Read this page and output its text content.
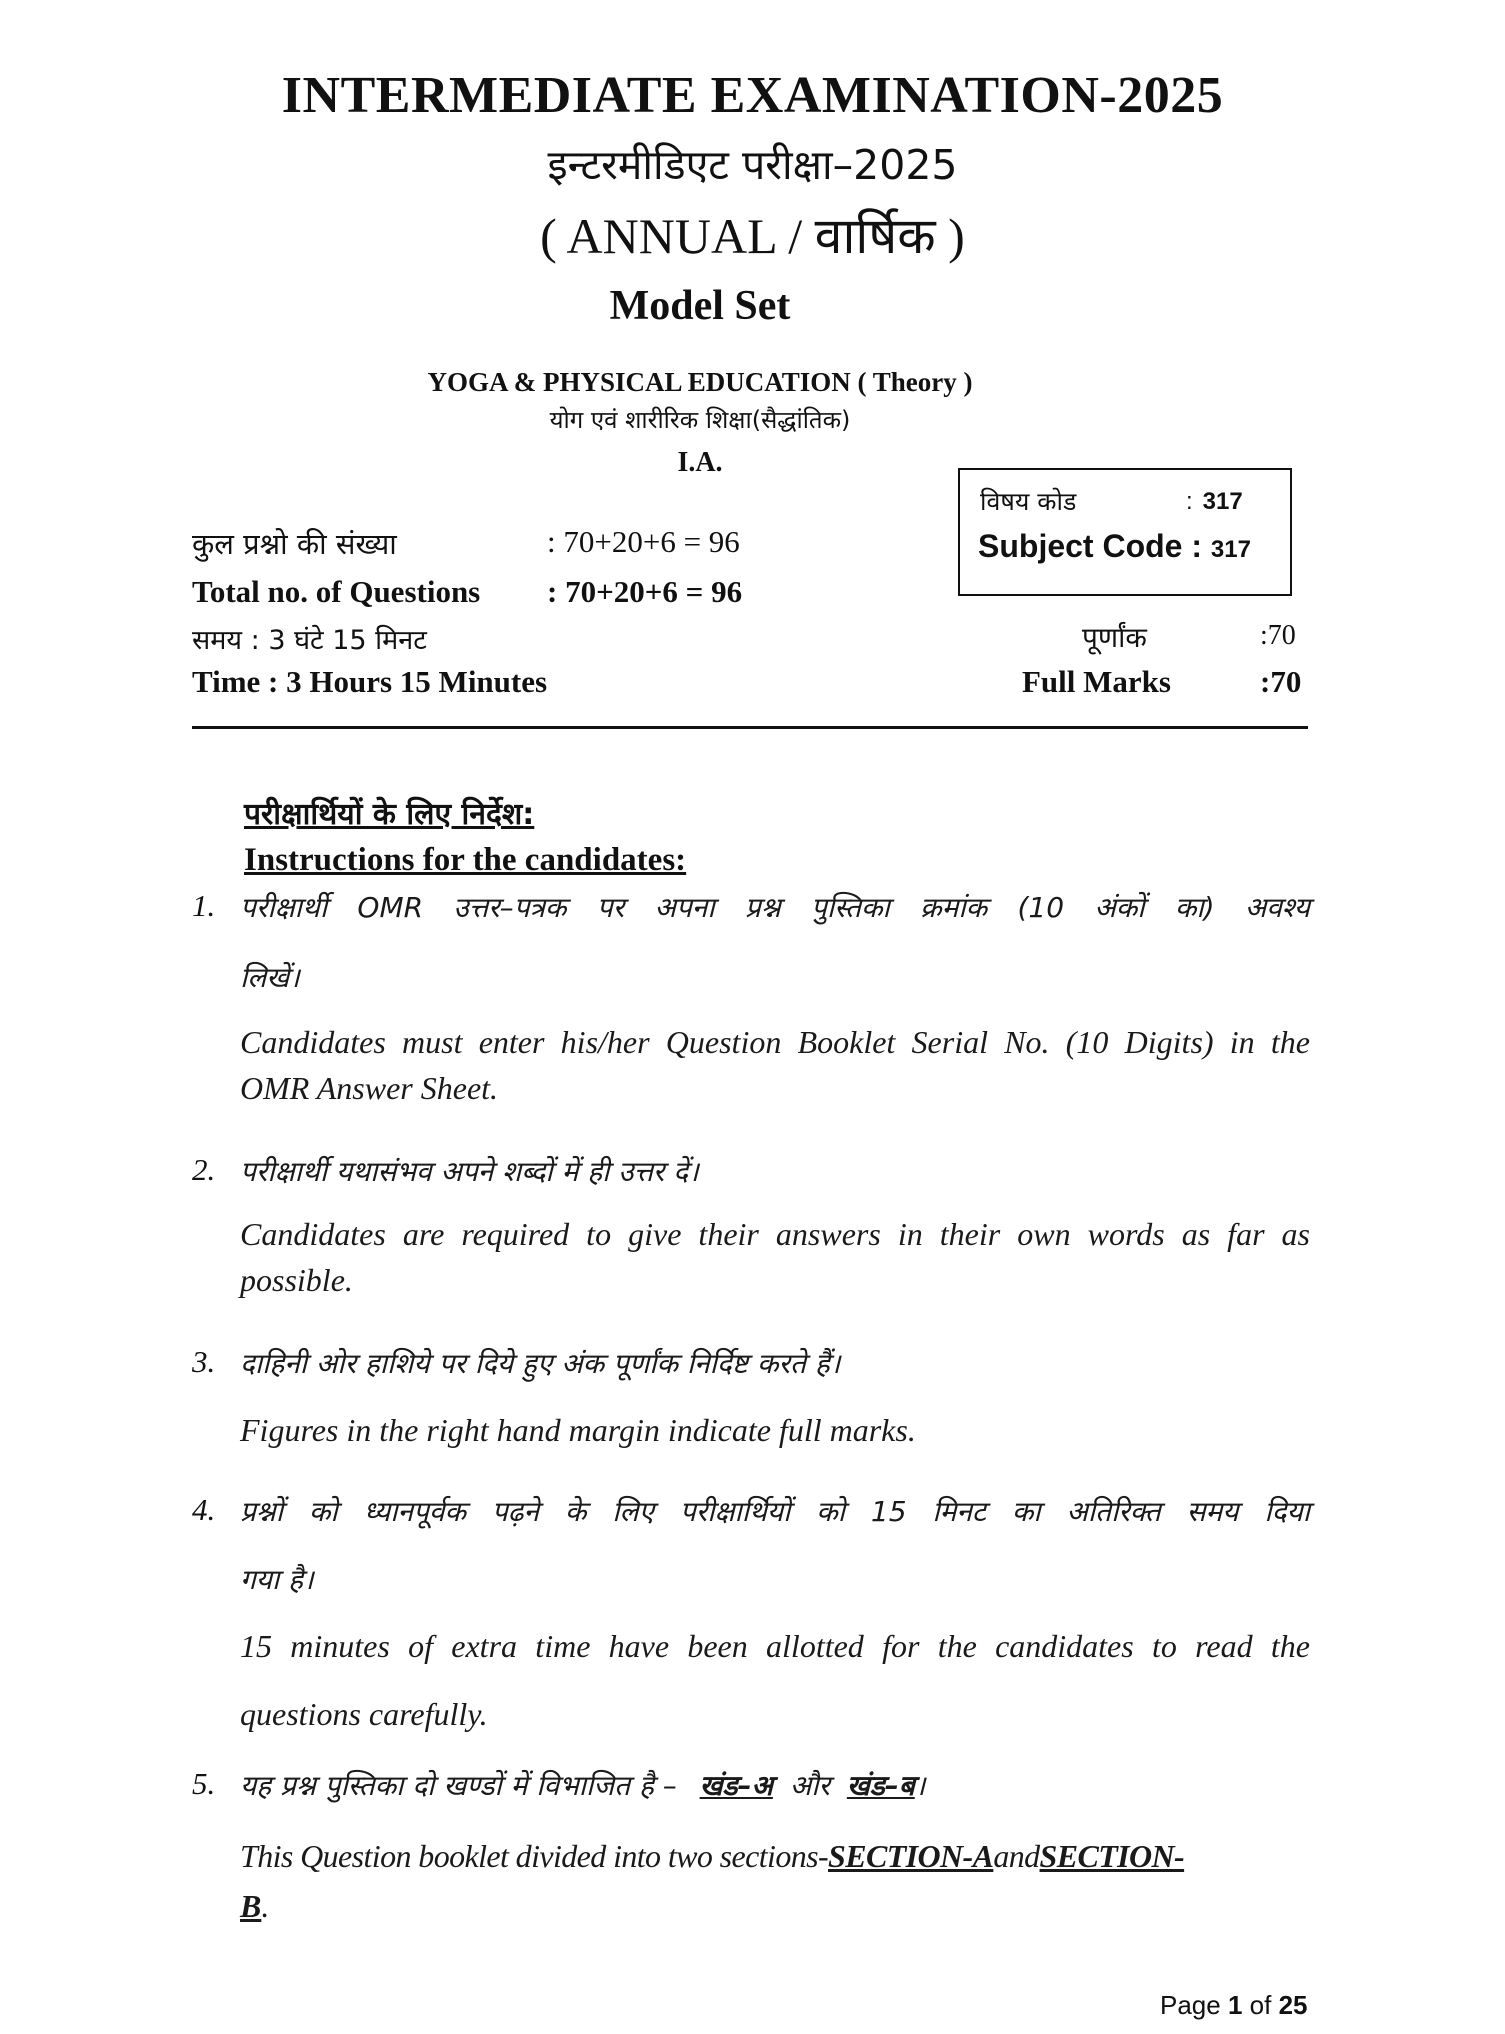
INTERMEDIATE EXAMINATION-2025
इन्टरमीडिएट परीक्षा–2025
( ANNUAL / वार्षिक )
Model Set
YOGA & PHYSICAL EDUCATION ( Theory )
योग एवं शारीरिक शिक्षा(सैद्धांतिक)
I.A.
विषय कोड	: 317
Subject Code : 317
कुल प्रश्नो की संख्या	: 70+20+6 = 96
Total no. of Questions : 70+20+6 = 96
समय : 3 घंटे 15 मिनट	पूर्णांक	:70
Time : 3 Hours 15 Minutes	Full Marks	:70
परीक्षार्थियों के लिए निर्देश:
Instructions for the candidates:
1. परीक्षार्थी OMR उत्तर–पत्रक पर अपना प्रश्न पुस्तिका क्रमांक (10 अंकों का) अवश्य
लिखें।
Candidates must enter his/her Question Booklet Serial No. (10 Digits) in the
OMR Answer Sheet.
2. परीक्षार्थी यथासंभव अपने शब्दों में ही उत्तर दें।
Candidates are required to give their answers in their own words as far as
possible.
3. दाहिनी ओर हाशिये पर दिये हुए अंक पूर्णांक निर्दिष्ट करते हैं।
Figures in the right hand margin indicate full marks.
4. प्रश्नों को ध्यानपूर्वक पढ़ने के लिए परीक्षार्थियों को 15 मिनट का अतिरिक्त समय दिया
गया है।
15 minutes of extra time have been allotted for the candidates to read the
questions carefully.
5. यह प्रश्न पुस्तिका दो खण्डों में विभाजित है – खंड–अ और खंड–ब।
This Question booklet divided into two sections-SECTION-AandSECTION-
B.
Page 1 of 25
